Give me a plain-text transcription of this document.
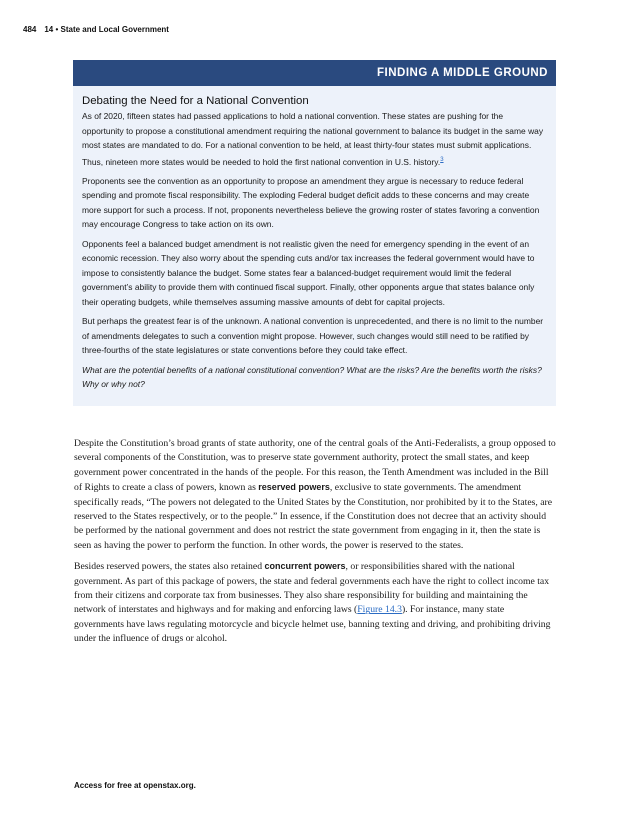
484 14 • State and Local Government
FINDING A MIDDLE GROUND
Debating the Need for a National Convention

As of 2020, fifteen states had passed applications to hold a national convention. These states are pushing for the opportunity to propose a constitutional amendment requiring the national government to balance its budget in the same way most states are mandated to do. For a national convention to be held, at least thirty-four states must submit applications. Thus, nineteen more states would be needed to hold the first national convention in U.S. history.$^3$

Proponents see the convention as an opportunity to propose an amendment they argue is necessary to reduce federal spending and promote fiscal responsibility. The exploding Federal budget deficit adds to these concerns and may create more support for such a process. If not, proponents nevertheless believe the growing roster of states favoring a convention may encourage Congress to take action on its own.

Opponents feel a balanced budget amendment is not realistic given the need for emergency spending in the event of an economic recession. They also worry about the spending cuts and/or tax increases the federal government would have to impose to consistently balance the budget. Some states fear a balanced-budget requirement would limit the federal government’s ability to provide them with continued fiscal support. Finally, other opponents argue that states balance only their operating budgets, while themselves assuming massive amounts of debt for capital projects.

But perhaps the greatest fear is of the unknown. A national convention is unprecedented, and there is no limit to the number of amendments delegates to such a convention might propose. However, such changes would still need to be ratified by three-fourths of the state legislatures or state conventions before they could take effect.

What are the potential benefits of a national constitutional convention? What are the risks? Are the benefits worth the risks? Why or why not?

Despite the Constitution’s broad grants of state authority, one of the central goals of the Anti-Federalists, a group opposed to several components of the Constitution, was to preserve state government authority, protect the small states, and keep government power concentrated in the hands of the people. For this reason, the Tenth Amendment was included in the Bill of Rights to create a class of powers, known as reserved powers, exclusive to state governments. The amendment specifically reads, “The powers not delegated to the United States by the Constitution, nor prohibited by it to the States, are reserved to the States respectively, or to the people.” In essence, if the Constitution does not decree that an activity should be performed by the national government and does not restrict the state government from engaging in it, then the state is seen as having the power to perform the function. In other words, the power is reserved to the states.

Besides reserved powers, the states also retained concurrent powers, or responsibilities shared with the national government. As part of this package of powers, the state and federal governments each have the right to collect income tax from their citizens and corporate tax from businesses. They also share responsibility for building and maintaining the network of interstates and highways and for making and enforcing laws (Figure 14.3). For instance, many state governments have laws regulating motorcycle and bicycle helmet use, banning texting and driving, and prohibiting driving under the influence of drugs or alcohol.

Access for free at openstax.org.
